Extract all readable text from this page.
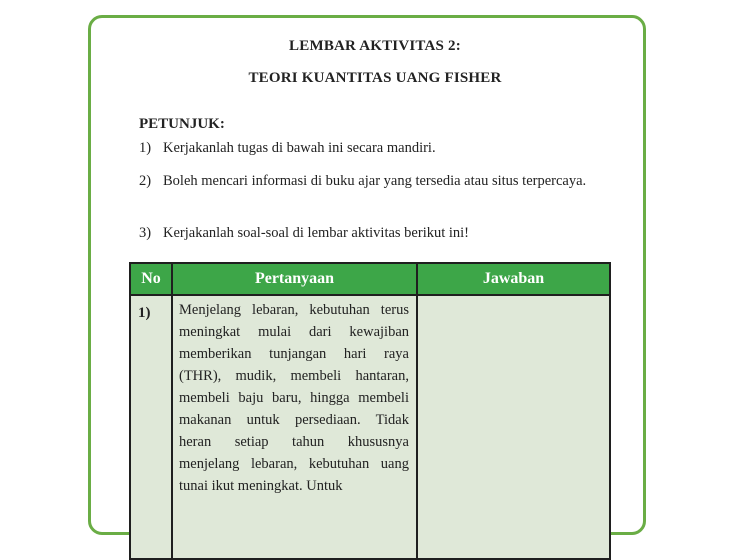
LEMBAR AKTIVITAS 2:
TEORI KUANTITAS UANG FISHER
PETUNJUK:
1) Kerjakanlah tugas di bawah ini secara mandiri.
2) Boleh mencari informasi di buku ajar yang tersedia atau situs terpercaya.
3) Kerjakanlah soal-soal di lembar aktivitas berikut ini!
No	Pertanyaan	Jawaban

1)	Menjelang lebaran, kebutuhan terus meningkat mulai dari kewajiban memberikan tunjangan hari raya (THR), mudik, membeli hantaran, membeli baju baru, hingga membeli makanan untuk persediaan. Tidak heran setiap tahun khususnya menjelang lebaran, kebutuhan uang tunai ikut meningkat. Untuk	
